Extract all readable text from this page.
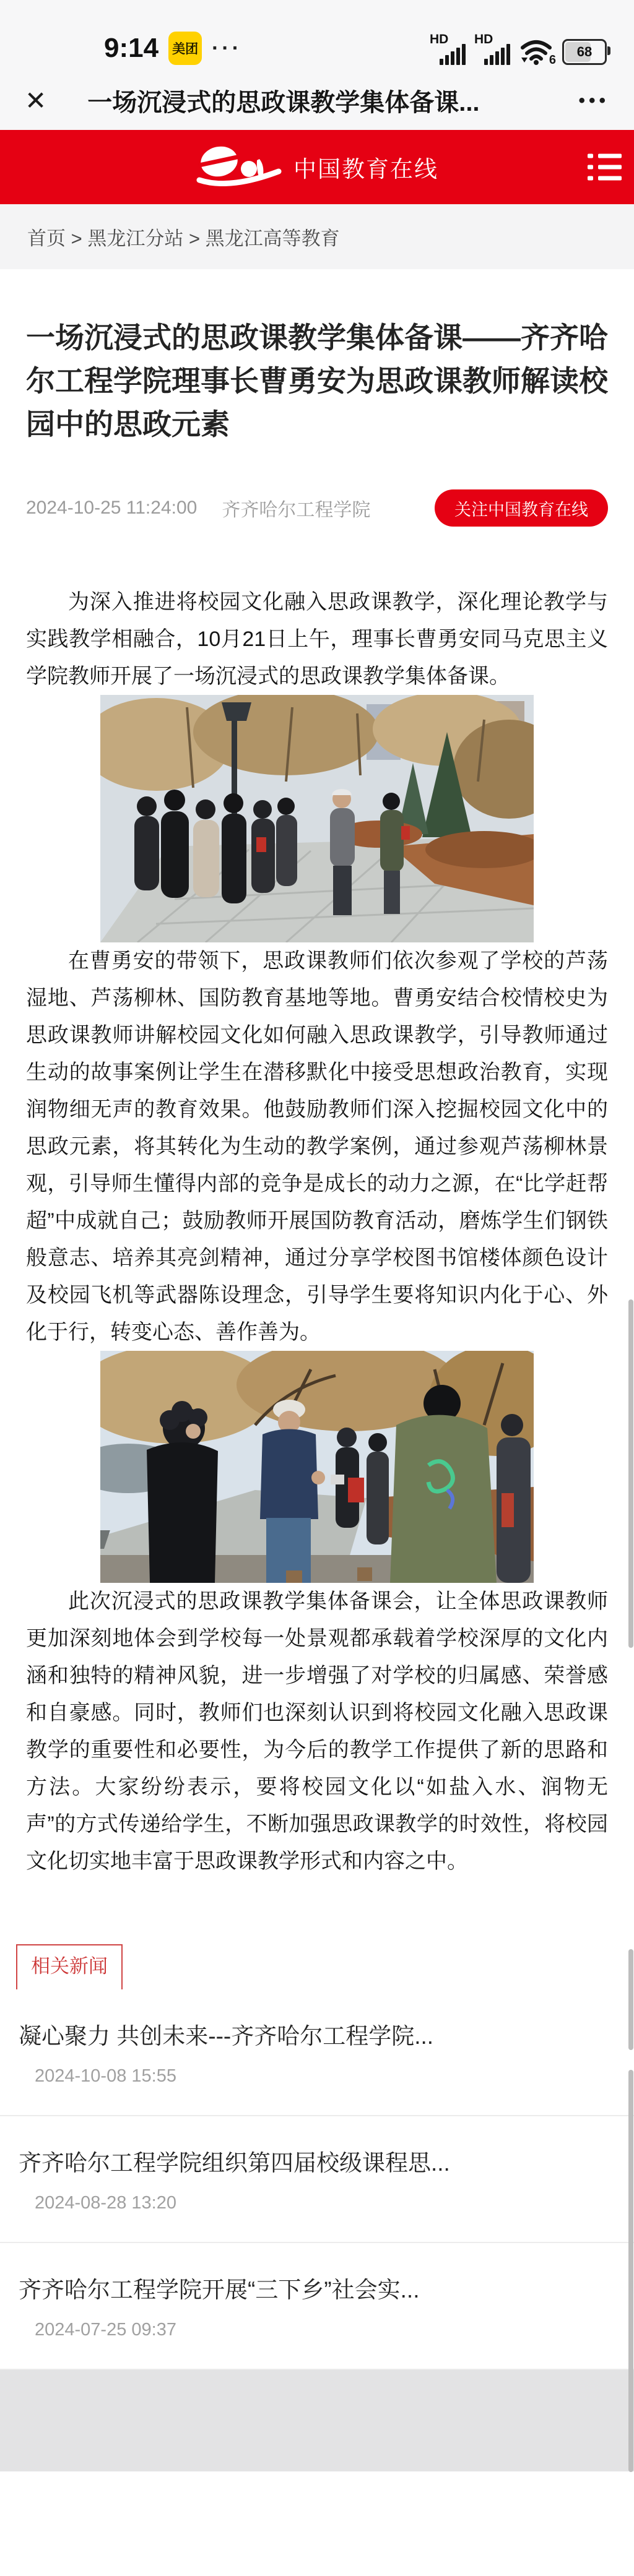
9:14 美团 ···	HD HD
6
68
✕ 一场沉浸式的思政课教学集体备课...	•••
中国教育在线
首页 > 黑龙江分站 > 黑龙江高等教育
一场沉浸式的思政课教学集体备课——齐齐哈尔工程学院理事长曹勇安为思政课教师解读校园中的思政元素
2024-10-25 11:24:00 齐齐哈尔工程学院	关注中国教育在线

为深入推进将校园文化融入思政课教学，深化理论教学与实践教学相融合，10月21日上午，理事长曹勇安同马克思主义学院教师开展了一场沉浸式的思政课教学集体备课。

在曹勇安的带领下，思政课教师们依次参观了学校的芦荡湿地、芦荡柳林、国防教育基地等地。曹勇安结合校情校史为思政课教师讲解校园文化如何融入思政课教学，引导教师通过生动的故事案例让学生在潜移默化中接受思想政治教育，实现润物细无声的教育效果。他鼓励教师们深入挖掘校园文化中的思政元素，将其转化为生动的教学案例，通过参观芦荡柳林景观，引导师生懂得内部的竞争是成长的动力之源，在“比学赶帮超”中成就自己；鼓励教师开展国防教育活动，磨炼学生们钢铁般意志、培养其亮剑精神，通过分享学校图书馆楼体颜色设计及校园飞机等武器陈设理念，引导学生要将知识内化于心、外化于行，转变心态、善作善为。

此次沉浸式的思政课教学集体备课会，让全体思政课教师更加深刻地体会到学校每一处景观都承载着学校深厚的文化内涵和独特的精神风貌，进一步增强了对学校的归属感、荣誉感和自豪感。同时，教师们也深刻认识到将校园文化融入思政课教学的重要性和必要性，为今后的教学工作提供了新的思路和方法。大家纷纷表示，要将校园文化以“如盐入水、润物无声”的方式传递给学生，不断加强思政课教学的时效性，将校园文化切实地丰富于思政课教学形式和内容之中。

相关新闻
凝心聚力 共创未来---齐齐哈尔工程学院...
2024-10-08 15:55
齐齐哈尔工程学院组织第四届校级课程思...
2024-08-28 13:20
齐齐哈尔工程学院开展“三下乡”社会实...
2024-07-25 09:37
